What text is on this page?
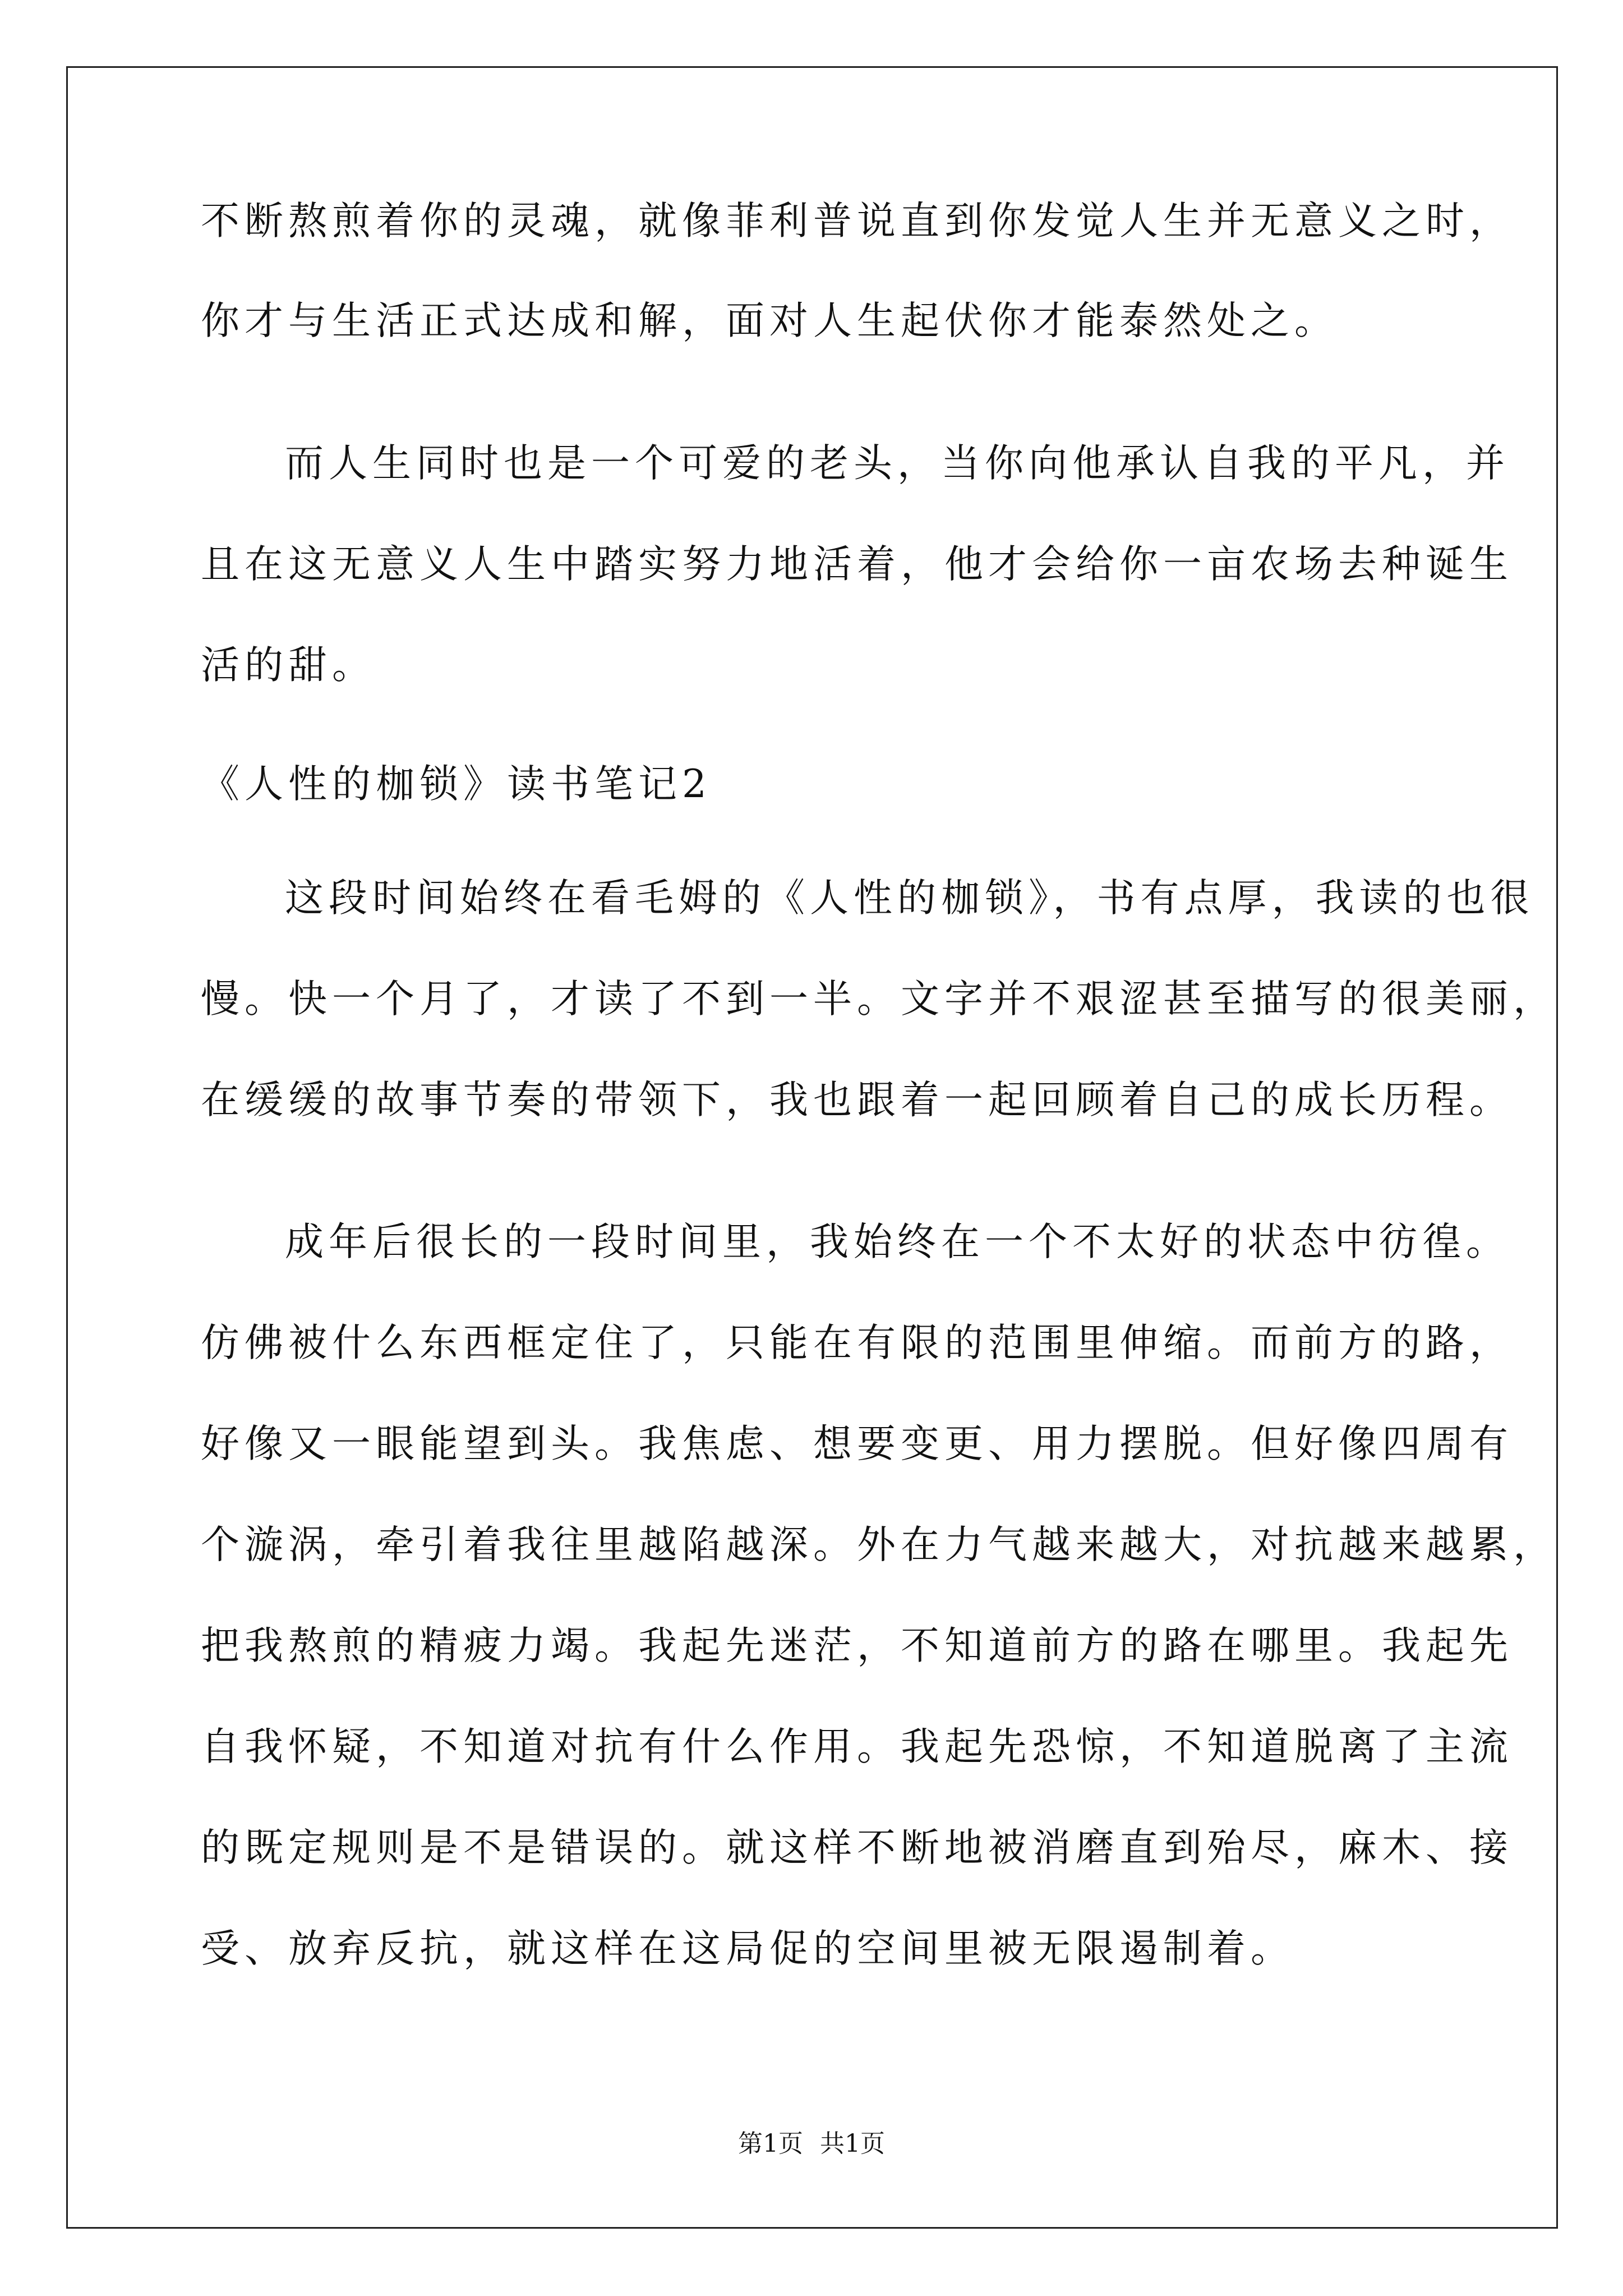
不断熬煎着你的灵魂，就像菲利普说直到你发觉人生并无意义之时，
你才与生活正式达成和解，面对人生起伏你才能泰然处之。
而人生同时也是一个可爱的老头，当你向他承认自我的平凡，并
且在这无意义人生中踏实努力地活着，他才会给你一亩农场去种诞生
活的甜。
《人性的枷锁》读书笔记2
这段时间始终在看毛姆的《人性的枷锁》，书有点厚，我读的也很
慢。快一个月了，才读了不到一半。文字并不艰涩甚至描写的很美丽，
在缓缓的故事节奏的带领下，我也跟着一起回顾着自己的成长历程。
成年后很长的一段时间里，我始终在一个不太好的状态中彷徨。
仿佛被什么东西框定住了，只能在有限的范围里伸缩。而前方的路，
好像又一眼能望到头。我焦虑、想要变更、用力摆脱。但好像四周有
个漩涡，牵引着我往里越陷越深。外在力气越来越大，对抗越来越累，
把我熬煎的精疲力竭。我起先迷茫，不知道前方的路在哪里。我起先
自我怀疑，不知道对抗有什么作用。我起先恐惊，不知道脱离了主流
的既定规则是不是错误的。就这样不断地被消磨直到殆尽，麻木、接
受、放弃反抗，就这样在这局促的空间里被无限遏制着。
第1页 共1页
